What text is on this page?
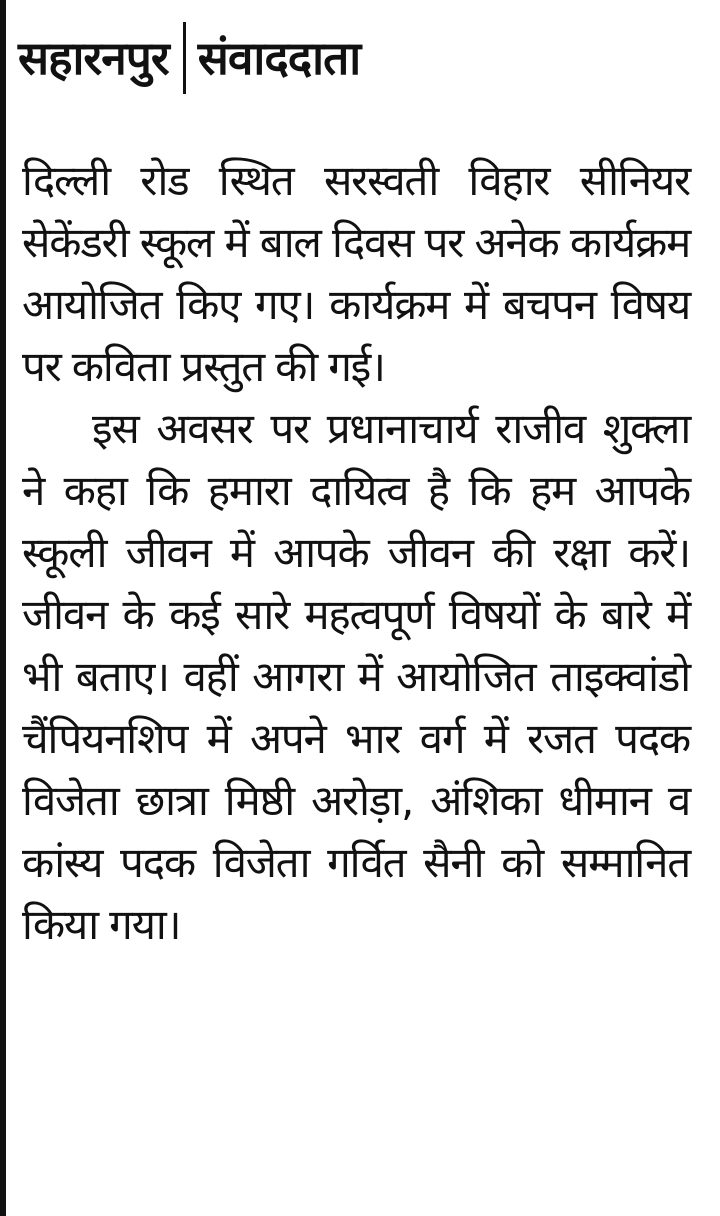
सहारनपुर संवाददाता

दिल्ली रोड स्थित सरस्वती विहार सीनियर सेकेंडरी स्कूल में बाल दिवस पर अनेक कार्यक्रम आयोजित किए गए। कार्यक्रम में बचपन विषय पर कविता प्रस्तुत की गई।

इस अवसर पर प्रधानाचार्य राजीव शुक्ला ने कहा कि हमारा दायित्व है कि हम आपके स्कूली जीवन में आपके जीवन की रक्षा करें। जीवन के कई सारे महत्वपूर्ण विषयों के बारे में भी बताए। वहीं आगरा में आयोजित ताइक्वांडो चैंपियनशिप में अपने भार वर्ग में रजत पदक विजेता छात्रा मिष्ठी अरोड़ा, अंशिका धीमान व कांस्य पदक विजेता गर्वित सैनी को सम्मानित किया गया।
